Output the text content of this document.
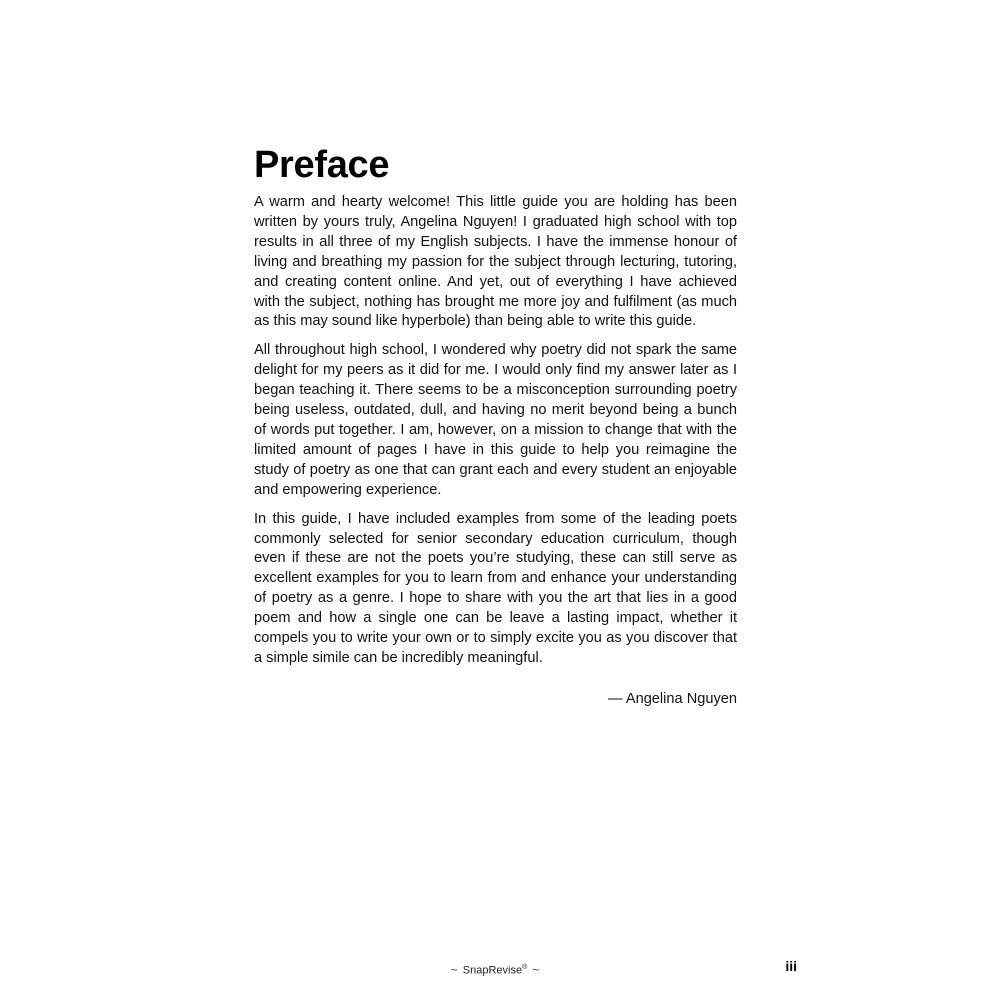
Preface

A warm and hearty welcome! This little guide you are holding has been written by yours truly, Angelina Nguyen! I graduated high school with top results in all three of my English subjects. I have the immense honour of living and breathing my passion for the subject through lecturing, tutoring, and creating content online. And yet, out of everything I have achieved with the subject, nothing has brought me more joy and fulfilment (as much as this may sound like hyperbole) than being able to write this guide.

All throughout high school, I wondered why poetry did not spark the same delight for my peers as it did for me. I would only find my answer later as I began teaching it. There seems to be a misconception surrounding poetry being useless, outdated, dull, and having no merit beyond being a bunch of words put together. I am, however, on a mission to change that with the limited amount of pages I have in this guide to help you reimagine the study of poetry as one that can grant each and every student an enjoyable and empowering experience.

In this guide, I have included examples from some of the leading poets commonly selected for senior secondary education curriculum, though even if these are not the poets you’re studying, these can still serve as excellent examples for you to learn from and enhance your understanding of poetry as a genre. I hope to share with you the art that lies in a good poem and how a single one can be leave a lasting impact, whether it compels you to write your own or to simply excite you as you discover that a simple simile can be incredibly meaningful.

— Angelina Nguyen
~ SnapRevise® ~	iii
